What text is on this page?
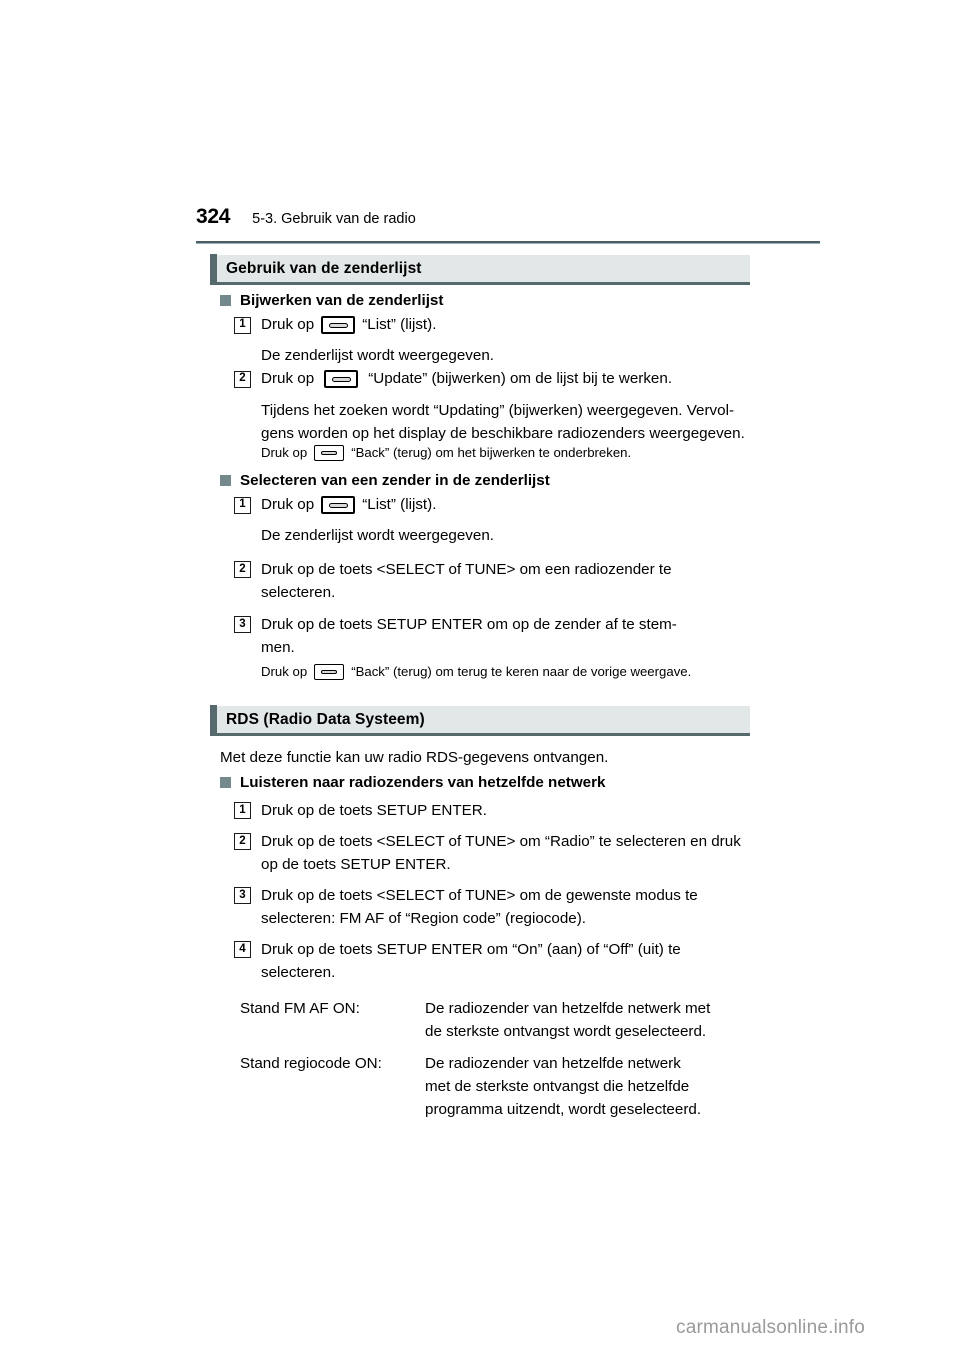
324 5-3. Gebruik van de radio
Gebruik van de zenderlijst
Bijwerken van de zenderlijst
1	Druk op	“List” (lijst).
De zenderlijst wordt weergegeven.
2	Druk op	“Update” (bijwerken) om de lijst bij te werken.
Tijdens het zoeken wordt “Updating” (bijwerken) weergegeven. Vervol-
gens worden op het display de beschikbare radiozenders weergegeven.
Druk op	“Back” (terug) om het bijwerken te onderbreken.
Selecteren van een zender in de zenderlijst
1	Druk op	“List” (lijst).
De zenderlijst wordt weergegeven.
2	Druk op de toets <SELECT of TUNE> om een radiozender te
selecteren.
3	Druk op de toets SETUP ENTER om op de zender af te stem-
men.
Druk op	“Back” (terug) om terug te keren naar de vorige weergave.
RDS (Radio Data Systeem)
Met deze functie kan uw radio RDS-gegevens ontvangen.
Luisteren naar radiozenders van hetzelfde netwerk
1	Druk op de toets SETUP ENTER.
2	Druk op de toets <SELECT of TUNE> om “Radio” te selecteren en druk op de toets SETUP ENTER.
3	Druk op de toets <SELECT of TUNE> om de gewenste modus te selecteren: FM AF of “Region code” (regiocode).
4	Druk op de toets SETUP ENTER om “On” (aan) of “Off” (uit) te selecteren.
Stand FM AF ON:	De radiozender van hetzelfde netwerk met
de sterkste ontvangst wordt geselecteerd.
Stand regiocode ON:	De radiozender van hetzelfde netwerk
met de sterkste ontvangst die hetzelfde
programma uitzendt, wordt geselecteerd.
carmanualsonline.info
